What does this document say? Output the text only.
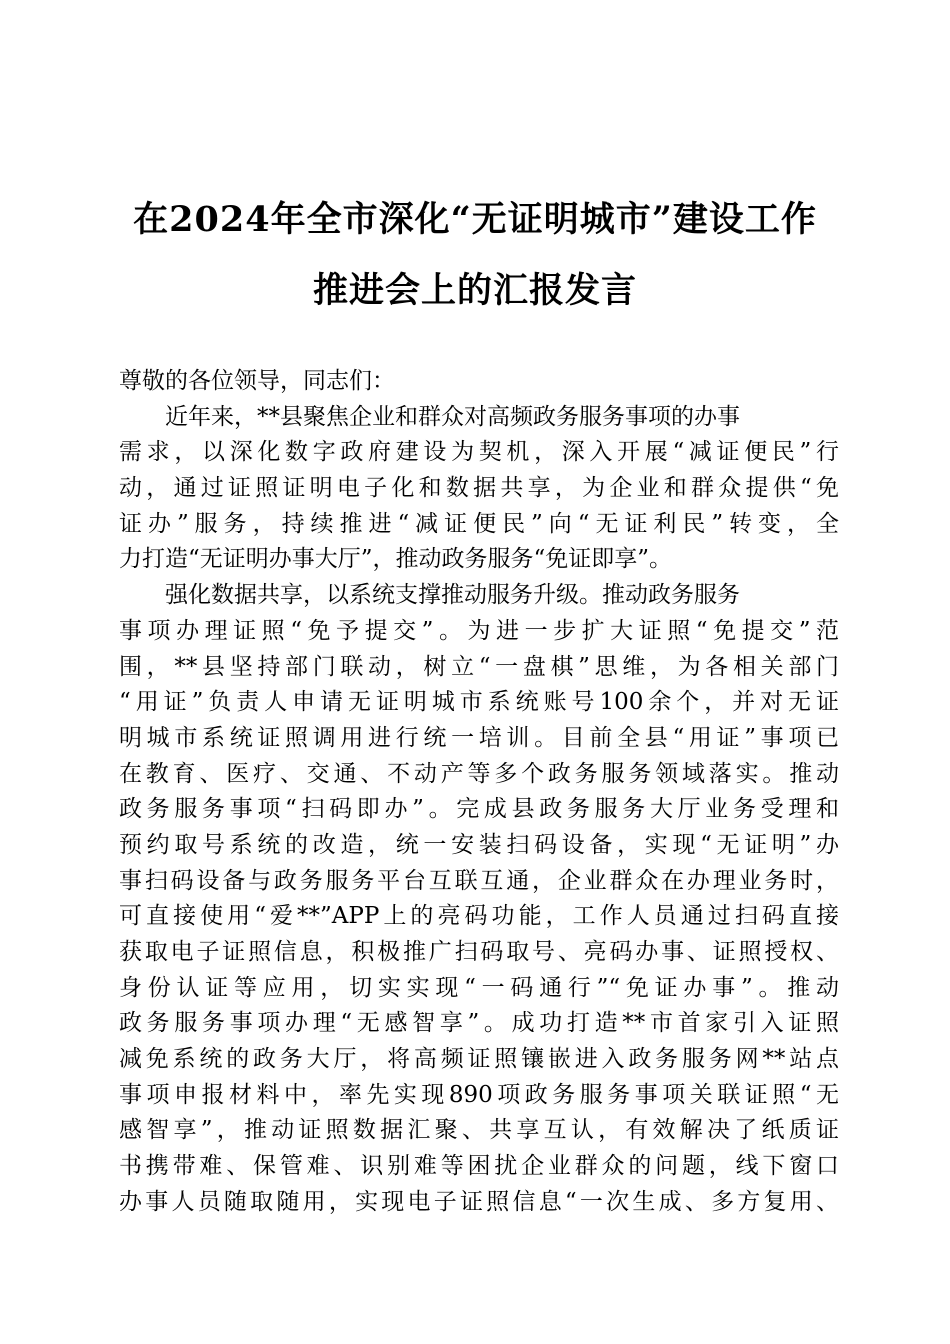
在2024年全市深化“无证明城市”建设工作
推进会上的汇报发言
尊敬的各位领导，同志们：
近年来，**县聚焦企业和群众对高频政务服务事项的办事
需求，以深化数字政府建设为契机，深入开展“减证便民”行
动，通过证照证明电子化和数据共享，为企业和群众提供“免
证办”服务，持续推进“减证便民”向“无证利民”转变，全
力打造“无证明办事大厅”，推动政务服务“免证即享”。
强化数据共享，以系统支撑推动服务升级。推动政务服务
事项办理证照“免予提交”。为进一步扩大证照“免提交”范
围，**县坚持部门联动，树立“一盘棋”思维，为各相关部门
“用证”负责人申请无证明城市系统账号100余个，并对无证
明城市系统证照调用进行统一培训。目前全县“用证”事项已
在教育、医疗、交通、不动产等多个政务服务领域落实。推动
政务服务事项“扫码即办”。完成县政务服务大厅业务受理和
预约取号系统的改造，统一安装扫码设备，实现“无证明”办
事扫码设备与政务服务平台互联互通，企业群众在办理业务时，
可直接使用“爱**”APP上的亮码功能，工作人员通过扫码直接
获取电子证照信息，积极推广扫码取号、亮码办事、证照授权、
身份认证等应用，切实实现“一码通行”“免证办事”。推动
政务服务事项办理“无感智享”。成功打造**市首家引入证照
减免系统的政务大厅，将高频证照镶嵌进入政务服务网**站点
事项申报材料中，率先实现890项政务服务事项关联证照“无
感智享”，推动证照数据汇聚、共享互认，有效解决了纸质证
书携带难、保管难、识别难等困扰企业群众的问题，线下窗口
办事人员随取随用，实现电子证照信息“一次生成、多方复用、
